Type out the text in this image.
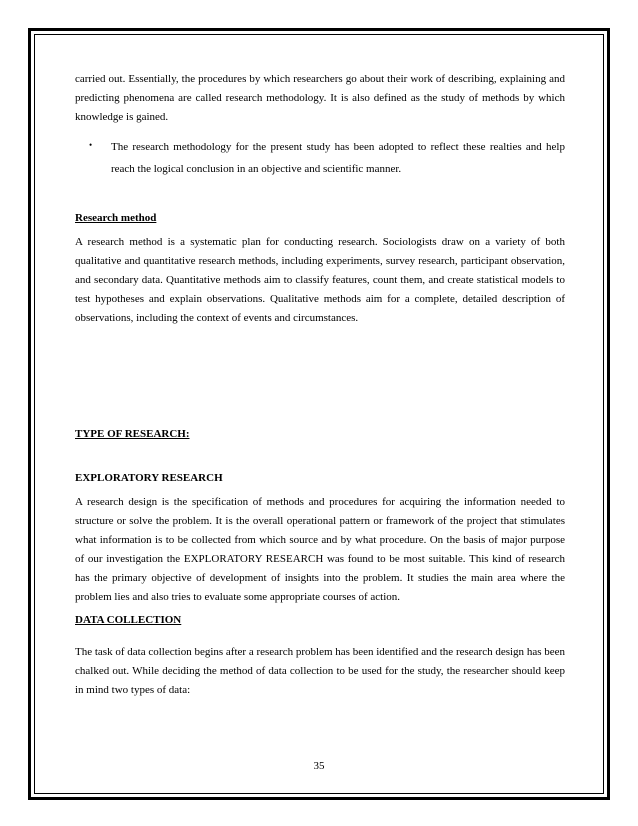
carried out. Essentially, the procedures by which researchers go about their work of describing, explaining and predicting phenomena are called research methodology. It is also defined as the study of methods by which knowledge is gained.

•	The research methodology for the present study has been adopted to reflect these realties and help reach the logical conclusion in an objective and scientific manner.

Research method

A research method is a systematic plan for conducting research. Sociologists draw on a variety of both qualitative and quantitative research methods, including experiments, survey research, participant observation, and secondary data. Quantitative methods aim to classify features, count them, and create statistical models to test hypotheses and explain observations. Qualitative methods aim for a complete, detailed description of observations, including the context of events and circumstances.

TYPE OF RESEARCH:

EXPLORATORY RESEARCH

A research design is the specification of methods and procedures for acquiring the information needed to structure or solve the problem. It is the overall operational pattern or framework of the project that stimulates what information is to be collected from which source and by what procedure. On the basis of major purpose of our investigation the EXPLORATORY RESEARCH was found to be most suitable. This kind of research has the primary objective of development of insights into the problem. It studies the main area where the problem lies and also tries to evaluate some appropriate courses of action.

DATA COLLECTION

The task of data collection begins after a research problem has been identified and the research design has been chalked out. While deciding the method of data collection to be used for the study, the researcher should keep in mind two types of data:

35
